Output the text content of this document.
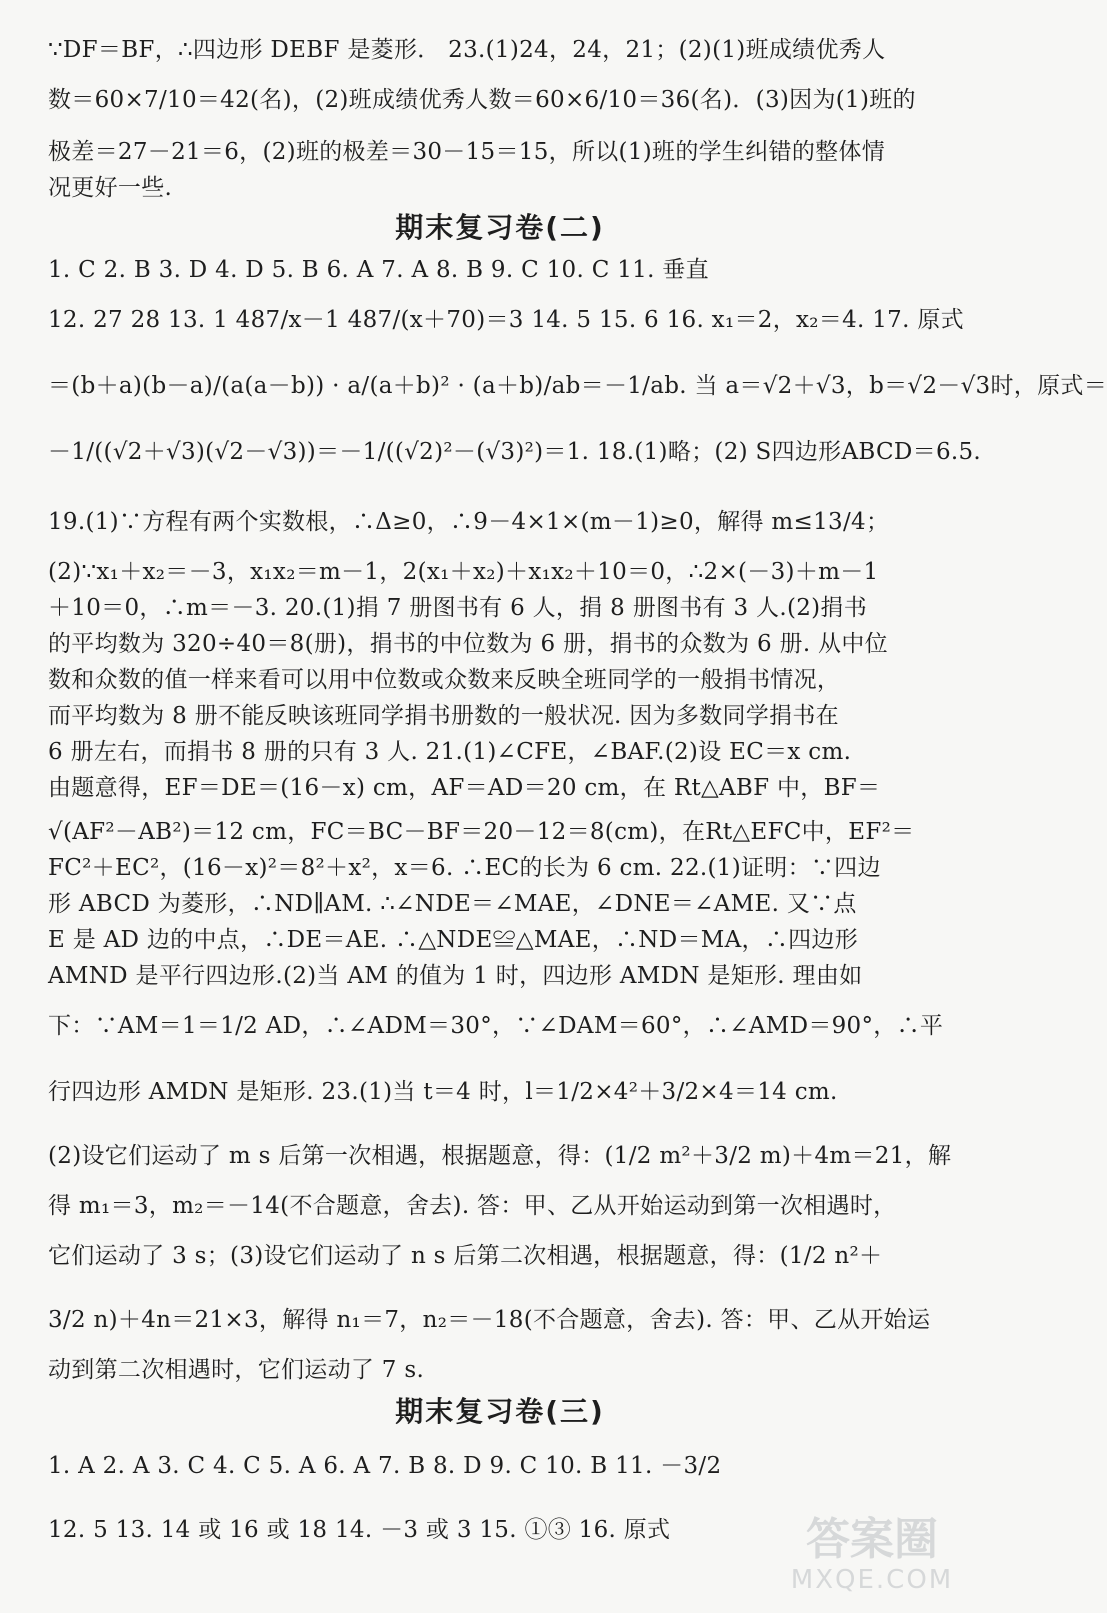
∵DF＝BF，∴四边形 DEBF 是菱形． 23.(1)24，24，21；(2)(1)班成绩优秀人
数＝60×7/10＝42(名)，(2)班成绩优秀人数＝60×6/10＝36(名)．(3)因为(1)班的
极差＝27－21＝6，(2)班的极差＝30－15＝15，所以(1)班的学生纠错的整体情
况更好一些.
期末复习卷(二)
1. C 2. B 3. D 4. D 5. B 6. A 7. A 8. B 9. C 10. C 11. 垂直
12. 27 28 13. 1 487/x－1 487/(x＋70)＝3 14. 5 15. 6 16. x₁＝2，x₂＝4. 17. 原式
＝(b＋a)(b－a)/(a(a－b)) · a/(a＋b)² · (a＋b)/ab＝－1/ab. 当 a＝√2＋√3，b＝√2－√3时，原式＝
－1/((√2＋√3)(√2－√3))＝－1/((√2)²－(√3)²)＝1. 18.(1)略；(2) S四边形ABCD＝6.5.
19.(1)∵方程有两个实数根，∴Δ≥0，∴9－4×1×(m－1)≥0，解得 m≤13/4；
(2)∵x₁＋x₂＝－3，x₁x₂＝m－1，2(x₁＋x₂)＋x₁x₂＋10＝0，∴2×(－3)＋m－1
＋10＝0，∴m＝－3. 20.(1)捐 7 册图书有 6 人，捐 8 册图书有 3 人.(2)捐书
的平均数为 320÷40＝8(册)，捐书的中位数为 6 册，捐书的众数为 6 册. 从中位
数和众数的值一样来看可以用中位数或众数来反映全班同学的一般捐书情况，
而平均数为 8 册不能反映该班同学捐书册数的一般状况. 因为多数同学捐书在
6 册左右，而捐书 8 册的只有 3 人. 21.(1)∠CFE，∠BAF.(2)设 EC＝x cm.
由题意得，EF＝DE＝(16－x) cm，AF＝AD＝20 cm，在 Rt△ABF 中，BF＝
√(AF²－AB²)＝12 cm，FC＝BC－BF＝20－12＝8(cm)，在Rt△EFC中，EF²＝
FC²＋EC²，(16－x)²＝8²＋x²，x＝6. ∴EC的长为 6 cm. 22.(1)证明：∵四边
形 ABCD 为菱形，∴ND∥AM. ∴∠NDE＝∠MAE，∠DNE＝∠AME. 又∵点
E 是 AD 边的中点，∴DE＝AE. ∴△NDE≌△MAE，∴ND＝MA，∴四边形
AMND 是平行四边形.(2)当 AM 的值为 1 时，四边形 AMDN 是矩形. 理由如
下：∵AM＝1＝1/2 AD，∴∠ADM＝30°，∵∠DAM＝60°，∴∠AMD＝90°，∴平
行四边形 AMDN 是矩形. 23.(1)当 t＝4 时，l＝1/2×4²＋3/2×4＝14 cm.
(2)设它们运动了 m s 后第一次相遇，根据题意，得：(1/2 m²＋3/2 m)＋4m＝21，解
得 m₁＝3，m₂＝－14(不合题意，舍去). 答：甲、乙从开始运动到第一次相遇时，
它们运动了 3 s；(3)设它们运动了 n s 后第二次相遇，根据题意，得：(1/2 n²＋
3/2 n)＋4n＝21×3，解得 n₁＝7，n₂＝－18(不合题意，舍去). 答：甲、乙从开始运
动到第二次相遇时，它们运动了 7 s.
期末复习卷(三)
1. A 2. A 3. C 4. C 5. A 6. A 7. B 8. D 9. C 10. B 11. －3/2
12. 5 13. 14 或 16 或 18 14. －3 或 3 15. ①③ 16. 原式	答案圈
MXQE.COM
